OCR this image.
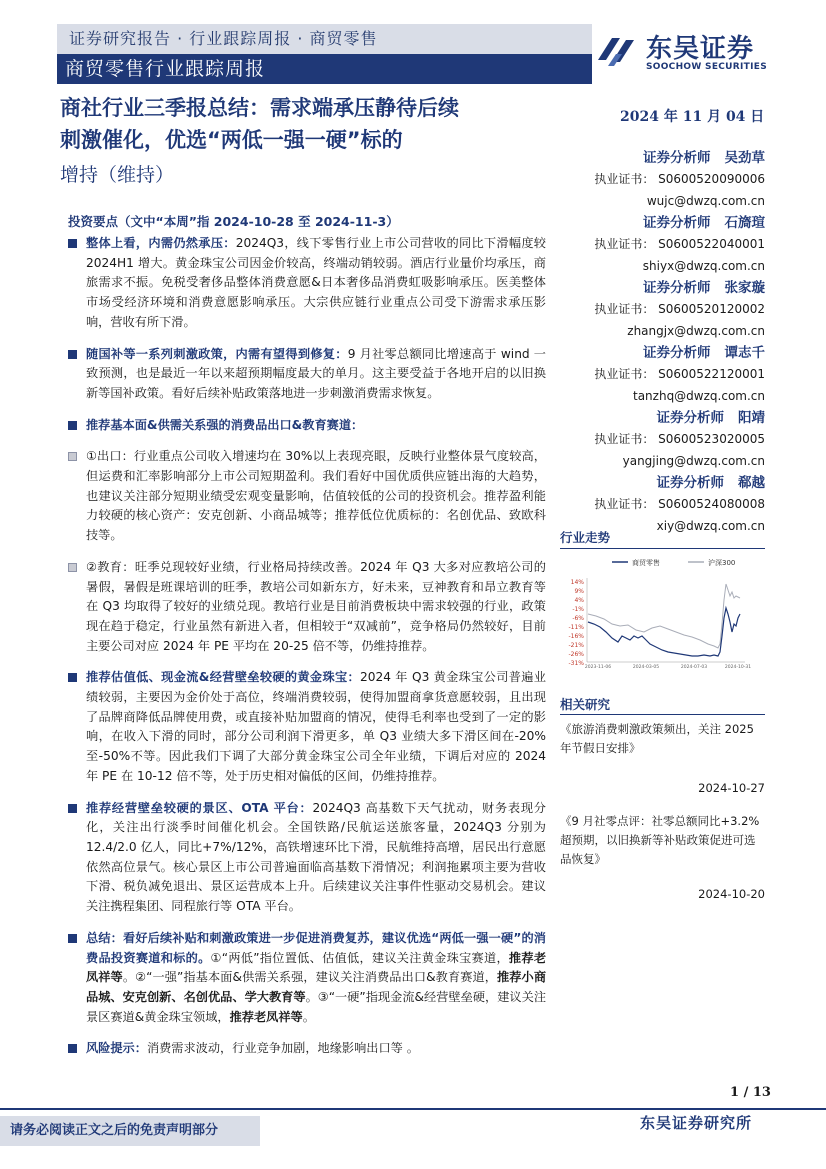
证券研究报告 · 行业跟踪周报 · 商贸零售
商贸零售行业跟踪周报
东吴证券
SOOCHOW SECURITIES
商社行业三季报总结：需求端承压静待后续
刺激催化，优选“两低一强一硬”标的
增持（维持）
2024 年 11 月 04 日
证券分析师 吴劲草
执业证书： S0600520090006
wujc@dwzq.com.cn
证券分析师 石旖瑄
执业证书： S0600522040001
shiyx@dwzq.com.cn
证券分析师 张家璇
执业证书： S0600520120002
zhangjx@dwzq.com.cn
证券分析师 谭志千
执业证书： S0600522120001
tanzhq@dwzq.com.cn
证券分析师 阳靖
执业证书： S0600523020005
yangjing@dwzq.com.cn
证券分析师 郗越
执业证书： S0600524080008
xiy@dwzq.com.cn
投资要点（文中“本周”指 2024-10-28 至 2024-11-3）
整体上看，内需仍然承压：2024Q3，线下零售行业上市公司营收的同比下滑幅度较 2024H1 增大。黄金珠宝公司因金价较高，终端动销较弱。酒店行业量价均承压，商旅需求不振。免税受奢侈品整体消费意愿&日本奢侈品消费虹吸影响承压。医美整体市场受经济环境和消费意愿影响承压。大宗供应链行业重点公司受下游需求承压影响，营收有所下滑。
随国补等一系列刺激政策，内需有望得到修复：9 月社零总额同比增速高于 wind 一致预测，也是最近一年以来超预期幅度最大的单月。这主要受益于各地开启的以旧换新等国补政策。看好后续补贴政策落地进一步刺激消费需求恢复。
推荐基本面&供需关系强的消费品出口&教育赛道：
①出口：行业重点公司收入增速均在 30%以上表现亮眼，反映行业整体景气度较高，但运费和汇率影响部分上市公司短期盈利。我们看好中国优质供应链出海的大趋势，也建议关注部分短期业绩受宏观变量影响，估值较低的公司的投资机会。推荐盈利能力较硬的核心资产：安克创新、小商品城等；推荐低位优质标的：名创优品、致欧科技等。
②教育：旺季兑现较好业绩，行业格局持续改善。2024 年 Q3 大多对应教培公司的暑假，暑假是班课培训的旺季，教培公司如新东方，好未来，豆神教育和昂立教育等在 Q3 均取得了较好的业绩兑现。教培行业是目前消费板块中需求较强的行业，政策现在趋于稳定，行业虽然有新进入者，但相较于“双减前”，竞争格局仍然较好，目前主要公司对应 2024 年 PE 平均在 20-25 倍不等，仍维持推荐。
推荐估值低、现金流&经营壁垒较硬的黄金珠宝：2024 年 Q3 黄金珠宝公司普遍业绩较弱，主要因为金价处于高位，终端消费较弱，使得加盟商拿货意愿较弱，且出现了品牌商降低品牌使用费，或直接补贴加盟商的情况，使得毛利率也受到了一定的影响，在收入下滑的同时，部分公司利润下滑更多，单 Q3 业绩大多下滑区间在-20%至-50%不等。因此我们下调了大部分黄金珠宝公司全年业绩，下调后对应的 2024 年 PE 在 10-12 倍不等，处于历史相对偏低的区间，仍维持推荐。
推荐经营壁垒较硬的景区、OTA 平台：2024Q3 高基数下天气扰动，财务表现分化，关注出行淡季时间催化机会。全国铁路/民航运送旅客量，2024Q3 分别为 12.4/2.0 亿人，同比+7%/12%，高铁增速环比下滑，民航维持高增，居民出行意愿依然高位景气。核心景区上市公司普遍面临高基数下滑情况；利润拖累项主要为营收下滑、税负减免退出、景区运营成本上升。后续建议关注事件性驱动交易机会。建议关注携程集团、同程旅行等 OTA 平台。
总结：看好后续补贴和刺激政策进一步促进消费复苏，建议优选“两低一强一硬”的消费品投资赛道和标的。①“两低”指位置低、估值低，建议关注黄金珠宝赛道，推荐老凤祥等。②“一强”指基本面&供需关系强，建议关注消费品出口&教育赛道，推荐小商品城、安克创新、名创优品、学大教育等。③“一硬”指现金流&经营壁垒硬，建议关注景区赛道&黄金珠宝领域，推荐老凤祥等。
风险提示：消费需求波动，行业竞争加剧，地缘影响出口等 。
行业走势
商贸零售	沪深300
14%
9%
4%
-1%
-6%
-11%
-16%
-21%
-26%
-31%
2023-11-06	2024-03-05	2024-07-03	2024-10-31
相关研究
《旅游消费刺激政策频出，关注 2025年节假日安排》
2024-10-27
《9 月社零点评：社零总额同比+3.2%超预期，以旧换新等补贴政策促进可选品恢复》
2024-10-20
1 / 13
请务必阅读正文之后的免责声明部分	东吴证券研究所
